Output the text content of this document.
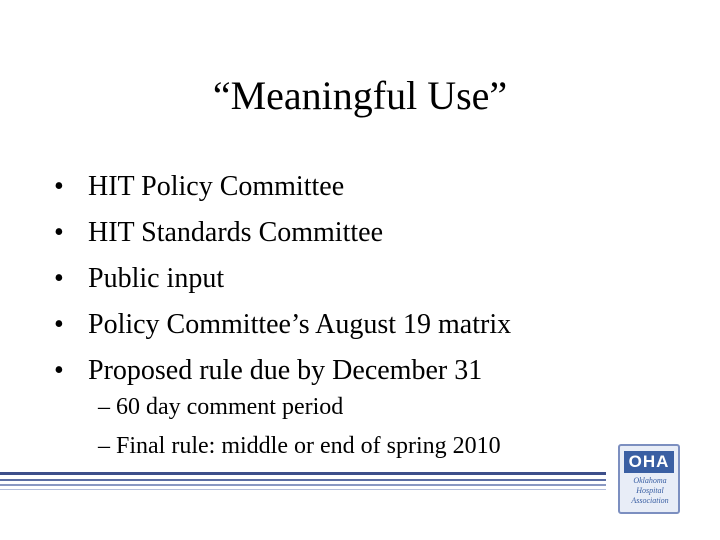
“Meaningful Use”
• HIT Policy Committee
• HIT Standards Committee
• Public input
• Policy Committee’s August 19 matrix
• Proposed rule due by December 31
– 60 day comment period
– Final rule: middle or end of spring 2010
OHA
Oklahoma
Hospital
Association
